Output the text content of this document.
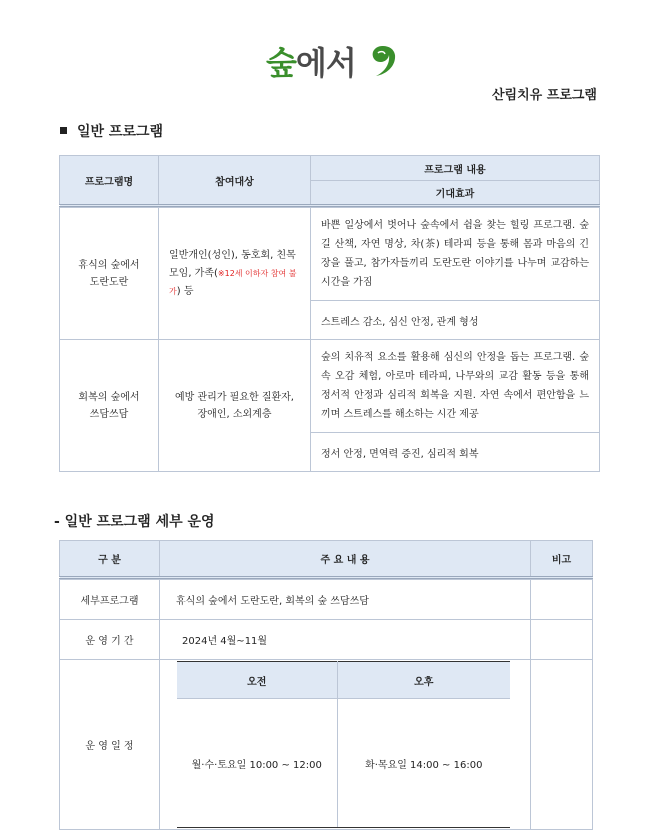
숲에서
산림치유 프로그램
일반 프로그램
프로그램명	참여대상	프로그램 내용
		기대효과

휴식의 숲에서
도란도란	일반개인(성인), 동호회, 친목모임, 가족(※12세 이하자 참여 불가) 등	바쁜 일상에서 벗어나 숲속에서 쉼을 찾는 힐링 프로그램. 숲길 산책, 자연 명상, 차(茶) 테라피 등을 통해 몸과 마음의 긴장을 풀고, 참가자들끼리 도란도란 이야기를 나누며 교감하는 시간을 가짐
		스트레스 감소, 심신 안정, 관계 형성

회복의 숲에서
쓰담쓰담	예방 관리가 필요한 질환자, 장애인, 소외계층	숲의 치유적 요소를 활용해 심신의 안정을 돕는 프로그램. 숲속 오감 체험, 아로마 테라피, 나무와의 교감 활동 등을 통해 정서적 안정과 심리적 회복을 지원. 자연 속에서 편안함을 느끼며 스트레스를 해소하는 시간 제공
		정서 안정, 면역력 증진, 심리적 회복
- 일반 프로그램 세부 운영
구 분	주 요 내 용	비고

세부프로그램	휴식의 숲에서 도란도란, 회복의 숲 쓰담쓰담	
운 영 기 간	2024년 4월~11월	
운 영 일 정	
오전	오후
월·수·토요일 10:00 ~ 12:00	화·목요일 14:00 ~ 16:00
